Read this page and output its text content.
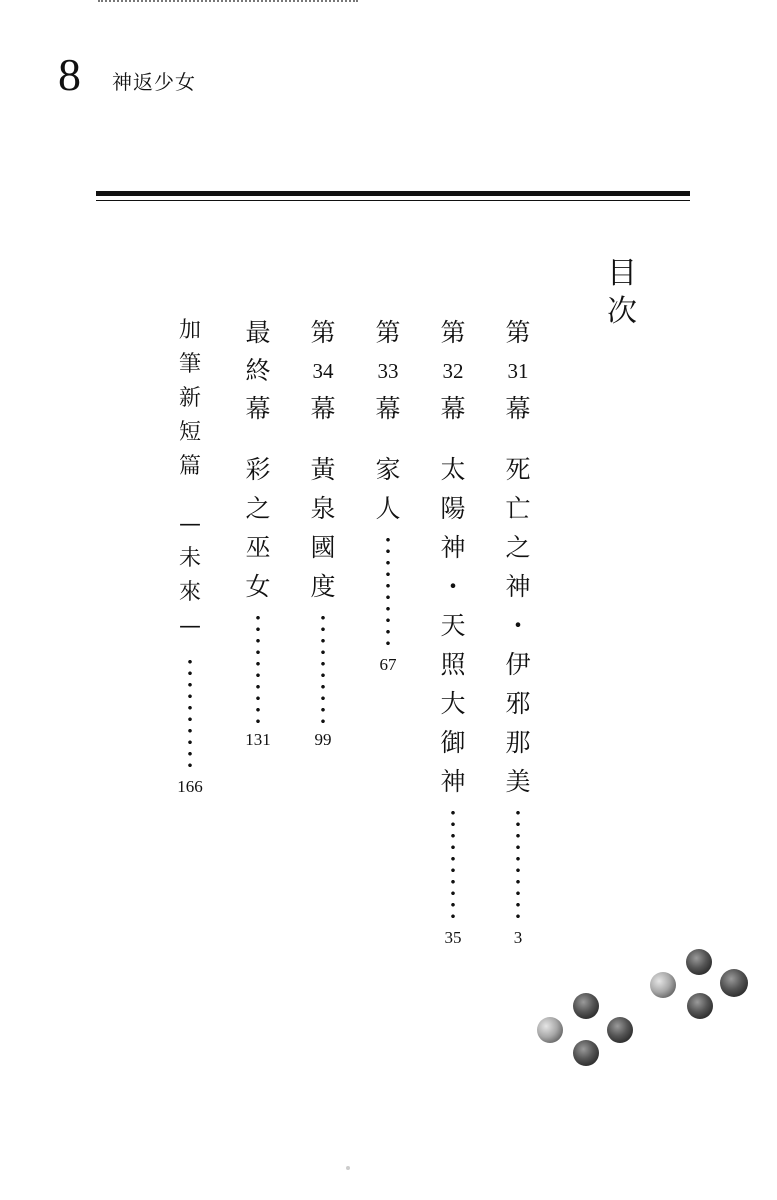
8 神返少女
目
次
第
31
幕
死
亡
之
神
・
伊
邪
那
美
3
第
32
幕
太
陽
神
・
天
照
大
御
神
35
第
33
幕
家
人
67
第
34
幕
黃
泉
國
度
99
最
終
幕
彩
之
巫
女
131
加
筆
新
短
篇
—
未
來
—
166
